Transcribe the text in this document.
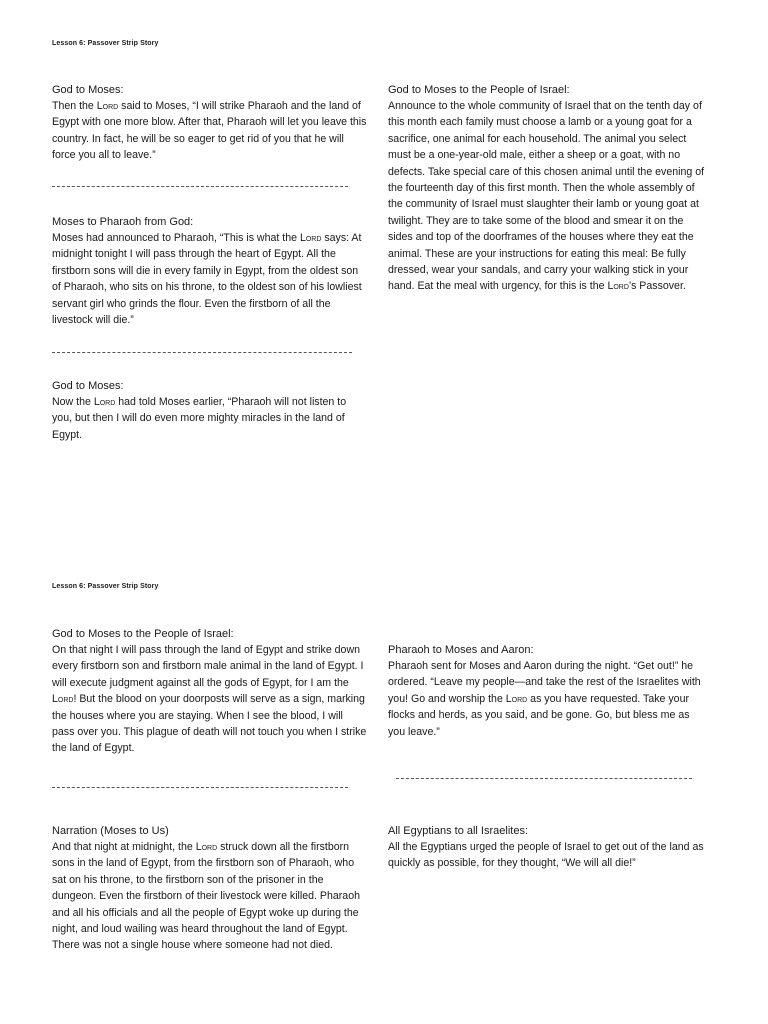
Lesson 6: Passover Strip Story
God to Moses:
Then the Lord said to Moses, “I will strike Pharaoh and the land of Egypt with one more blow. After that, Pharaoh will let you leave this country. In fact, he will be so eager to get rid of you that he will force you all to leave.”
Moses to Pharaoh from God:
Moses had announced to Pharaoh, “This is what the Lord says: At midnight tonight I will pass through the heart of Egypt. All the firstborn sons will die in every family in Egypt, from the oldest son of Pharaoh, who sits on his throne, to the oldest son of his lowliest servant girl who grinds the flour. Even the firstborn of all the livestock will die.”
God to Moses:
Now the Lord had told Moses earlier, “Pharaoh will not listen to you, but then I will do even more mighty miracles in the land of Egypt.
God to Moses to the People of Israel:
Announce to the whole community of Israel that on the tenth day of this month each family must choose a lamb or a young goat for a sacrifice, one animal for each household. The animal you select must be a one-year-old male, either a sheep or a goat, with no defects. Take special care of this chosen animal until the evening of the fourteenth day of this first month. Then the whole assembly of the community of Israel must slaughter their lamb or young goat at twilight. They are to take some of the blood and smear it on the sides and top of the doorframes of the houses where they eat the animal. These are your instructions for eating this meal: Be fully dressed, wear your sandals, and carry your walking stick in your hand. Eat the meal with urgency, for this is the Lord’s Passover.
Lesson 6: Passover Strip Story
God to Moses to the People of Israel:
On that night I will pass through the land of Egypt and strike down every firstborn son and firstborn male animal in the land of Egypt. I will execute judgment against all the gods of Egypt, for I am the Lord! But the blood on your doorposts will serve as a sign, marking the houses where you are staying. When I see the blood, I will pass over you. This plague of death will not touch you when I strike the land of Egypt.
Narration (Moses to Us)
And that night at midnight, the Lord struck down all the firstborn sons in the land of Egypt, from the firstborn son of Pharaoh, who sat on his throne, to the firstborn son of the prisoner in the dungeon. Even the firstborn of their livestock were killed. Pharaoh and all his officials and all the people of Egypt woke up during the night, and loud wailing was heard throughout the land of Egypt. There was not a single house where someone had not died.
Pharaoh to Moses and Aaron:
Pharaoh sent for Moses and Aaron during the night. “Get out!” he ordered. “Leave my people—and take the rest of the Israelites with you! Go and worship the Lord as you have requested. Take your flocks and herds, as you said, and be gone. Go, but bless me as you leave.”
All Egyptians to all Israelites:
All the Egyptians urged the people of Israel to get out of the land as quickly as possible, for they thought, “We will all die!”
